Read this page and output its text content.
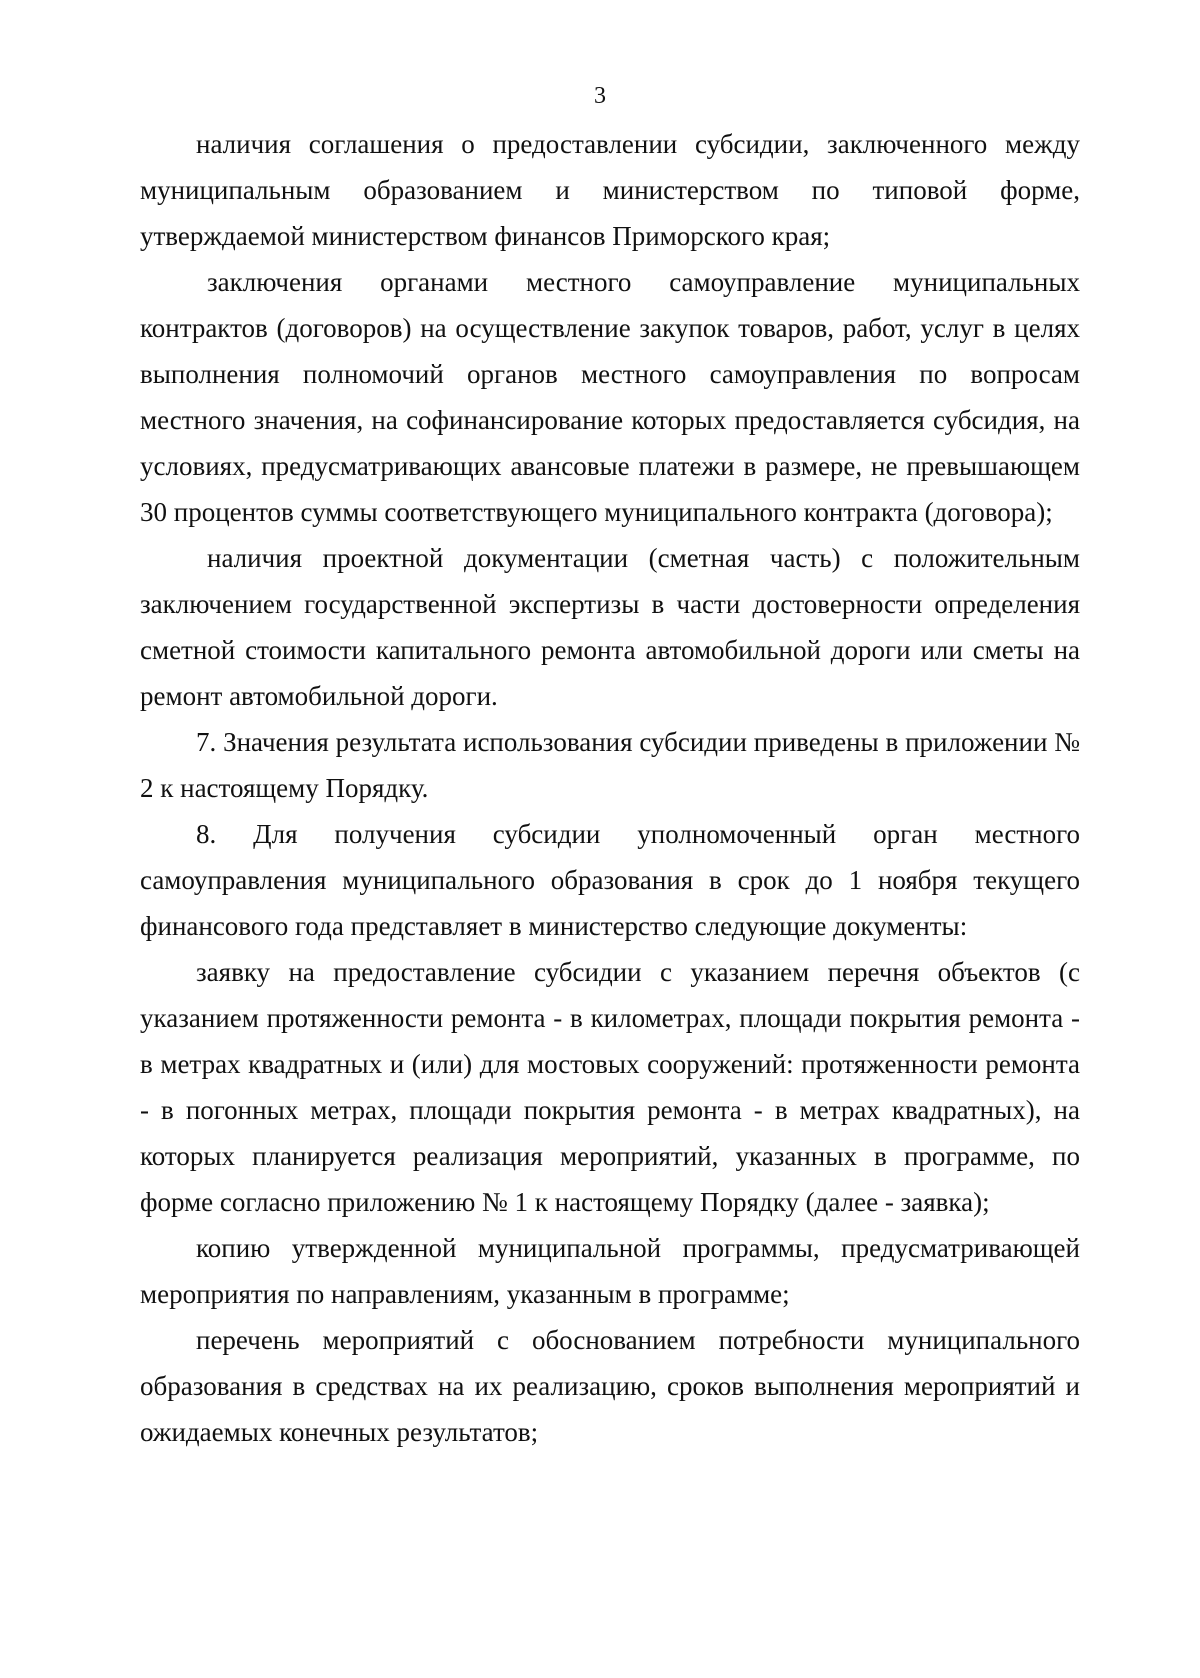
3

наличия соглашения о предоставлении субсидии, заключенного между муниципальным образованием и министерством по типовой форме, утверждаемой министерством финансов Приморского края;

заключения органами местного самоуправление муниципальных контрактов (договоров) на осуществление закупок товаров, работ, услуг в целях выполнения полномочий органов местного самоуправления по вопросам местного значения, на софинансирование которых предоставляется субсидия, на условиях, предусматривающих авансовые платежи в размере, не превышающем 30 процентов суммы соответствующего муниципального контракта (договора);

наличия проектной документации (сметная часть) с положительным заключением государственной экспертизы в части достоверности определения сметной стоимости капитального ремонта автомобильной дороги или сметы на ремонт автомобильной дороги.

7. Значения результата использования субсидии приведены в приложении № 2 к настоящему Порядку.

8. Для получения субсидии уполномоченный орган местного самоуправления муниципального образования в срок до 1 ноября текущего финансового года представляет в министерство следующие документы:

заявку на предоставление субсидии с указанием перечня объектов (с указанием протяженности ремонта - в километрах, площади покрытия ремонта - в метрах квадратных и (или) для мостовых сооружений: протяженности ремонта - в погонных метрах, площади покрытия ремонта - в метрах квадратных), на которых планируется реализация мероприятий, указанных в программе, по форме согласно приложению № 1 к настоящему Порядку (далее - заявка);

копию утвержденной муниципальной программы, предусматривающей мероприятия по направлениям, указанным в программе;

перечень мероприятий с обоснованием потребности муниципального образования в средствах на их реализацию, сроков выполнения мероприятий и ожидаемых конечных результатов;
